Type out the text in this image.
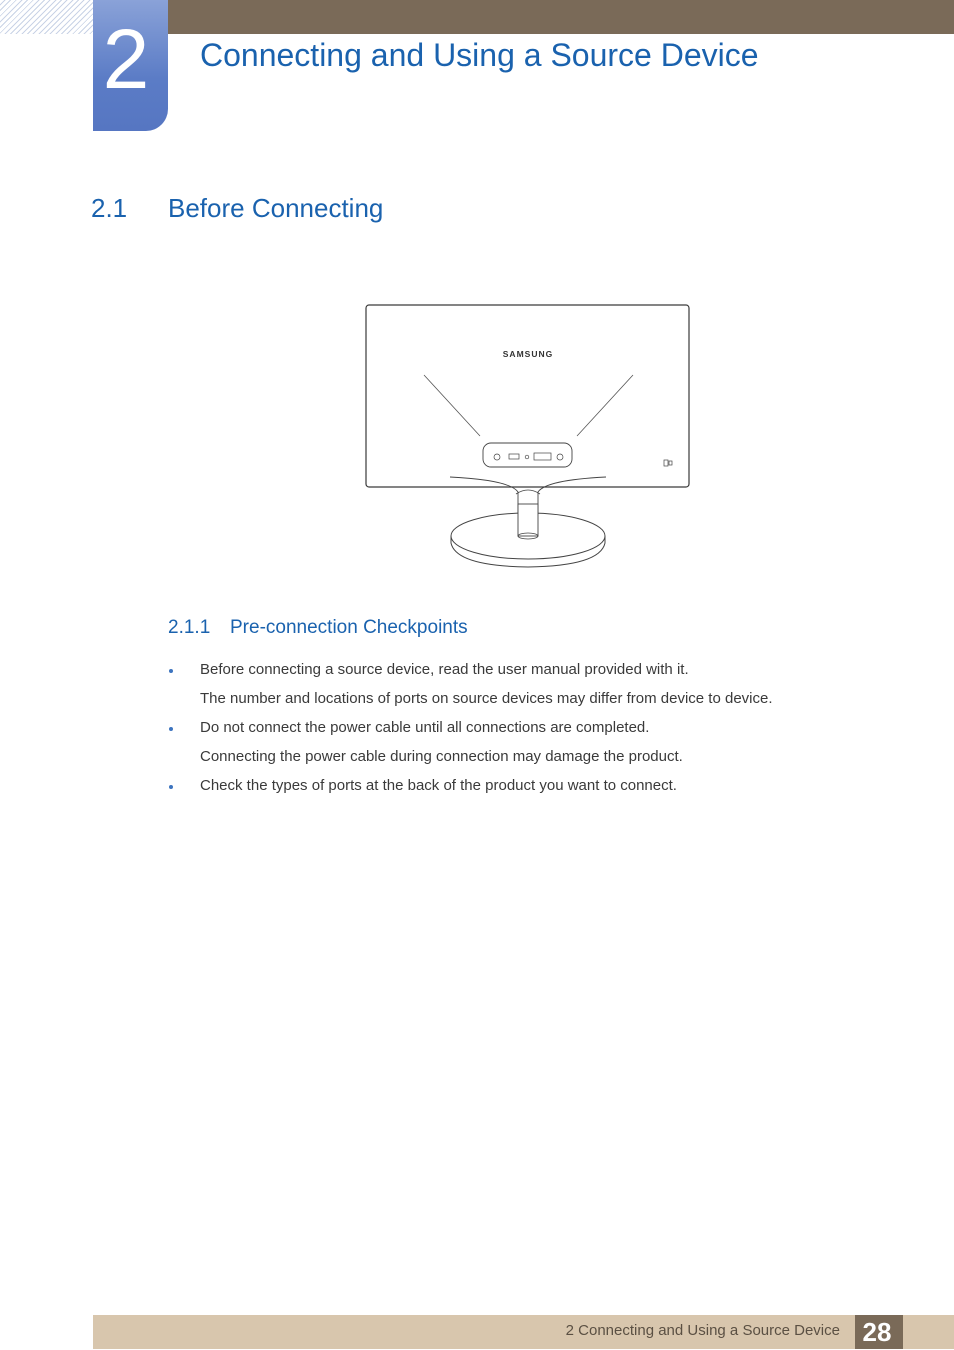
2	Connecting and Using a Source Device
2.1 Before Connecting
SAMSUNG
2.1.1 Pre-connection Checkpoints
Before connecting a source device, read the user manual provided with it.
The number and locations of ports on source devices may differ from device to device.
Do not connect the power cable until all connections are completed.
Connecting the power cable during connection may damage the product.
Check the types of ports at the back of the product you want to connect.
2 Connecting and Using a Source Device 28
